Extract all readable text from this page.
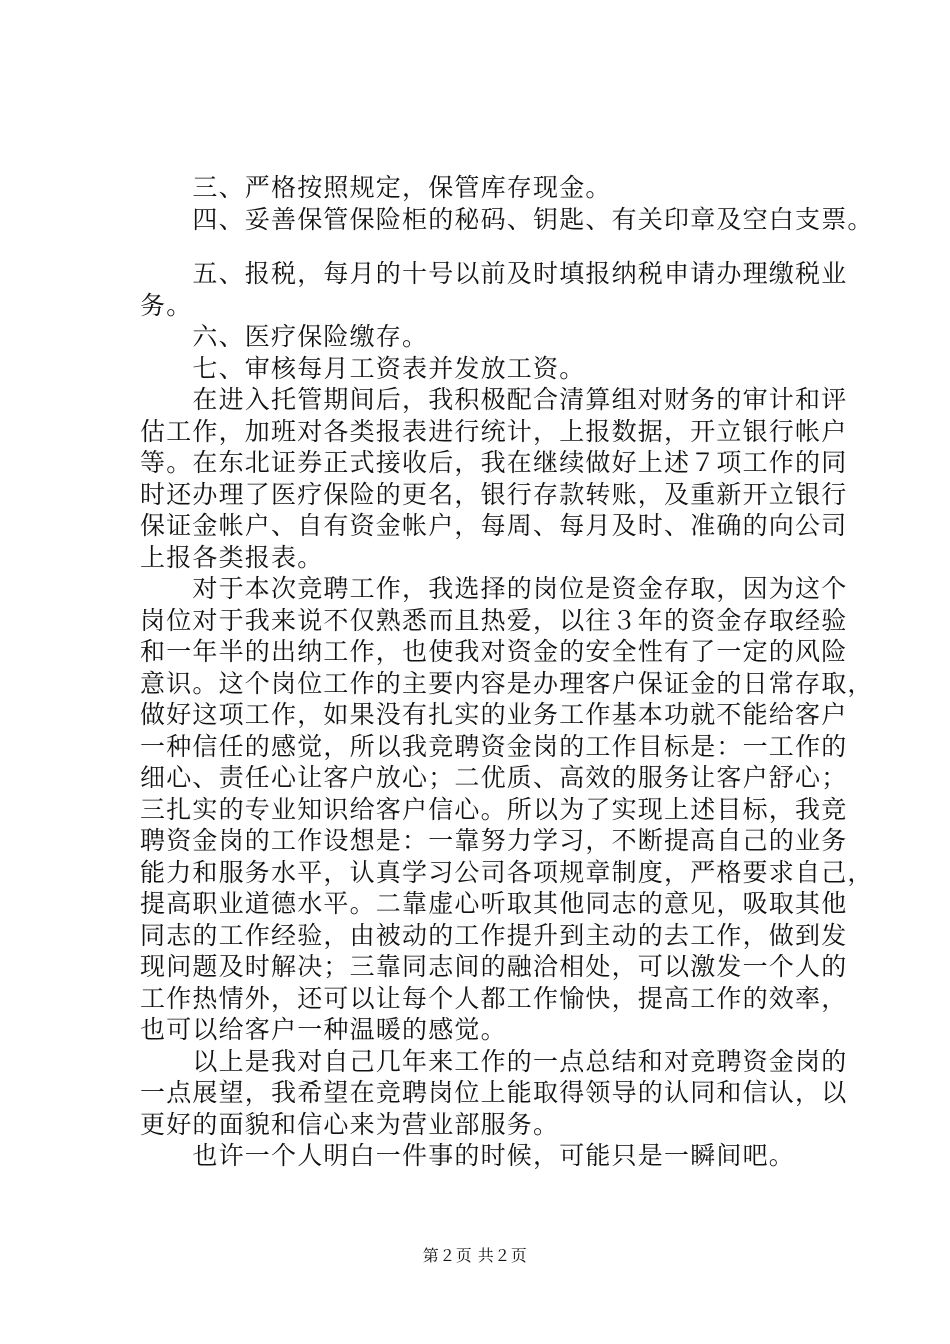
　　三、严格按照规定，保管库存现金。
　　四、妥善保管保险柜的秘码、钥匙、有关印章及空白支票。
　　五、报税，每月的十号以前及时填报纳税申请办理缴税业
务。
　　六、医疗保险缴存。
　　七、审核每月工资表并发放工资。
　　在进入托管期间后，我积极配合清算组对财务的审计和评
估工作，加班对各类报表进行统计，上报数据，开立银行帐户
等。在东北证券正式接收后，我在继续做好上述７项工作的同
时还办理了医疗保险的更名，银行存款转账，及重新开立银行
保证金帐户、自有资金帐户，每周、每月及时、准确的向公司
上报各类报表。
　　对于本次竞聘工作，我选择的岗位是资金存取，因为这个
岗位对于我来说不仅熟悉而且热爱，以往３年的资金存取经验
和一年半的出纳工作，也使我对资金的安全性有了一定的风险
意识。这个岗位工作的主要内容是办理客户保证金的日常存取，
做好这项工作，如果没有扎实的业务工作基本功就不能给客户
一种信任的感觉，所以我竞聘资金岗的工作目标是：一工作的
细心、责任心让客户放心；二优质、高效的服务让客户舒心；
三扎实的专业知识给客户信心。所以为了实现上述目标，我竞
聘资金岗的工作设想是：一靠努力学习，不断提高自己的业务
能力和服务水平，认真学习公司各项规章制度，严格要求自己，
提高职业道德水平。二靠虚心听取其他同志的意见，吸取其他
同志的工作经验，由被动的工作提升到主动的去工作，做到发
现问题及时解决；三靠同志间的融洽相处，可以激发一个人的
工作热情外，还可以让每个人都工作愉快，提高工作的效率，
也可以给客户一种温暖的感觉。
　　以上是我对自己几年来工作的一点总结和对竞聘资金岗的
一点展望，我希望在竞聘岗位上能取得领导的认同和信认，以
更好的面貌和信心来为营业部服务。
　　也许一个人明白一件事的时候，可能只是一瞬间吧。
第２页 共２页
